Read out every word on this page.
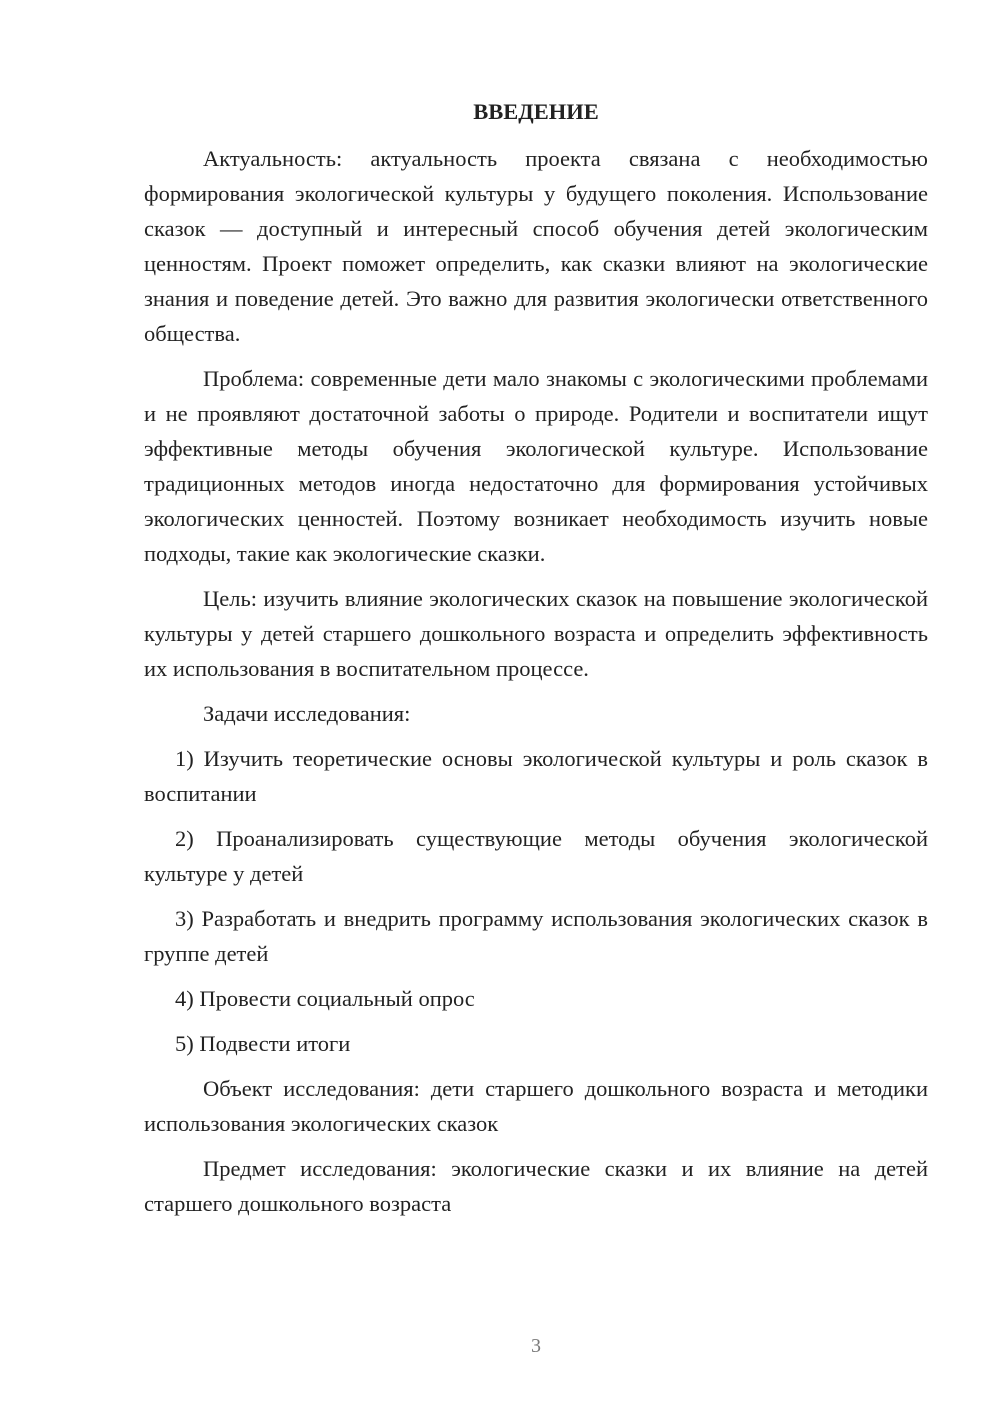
ВВЕДЕНИЕ

Актуальность: актуальность проекта связана с необходимостью формирования экологической культуры у будущего поколения. Использование сказок — доступный и интересный способ обучения детей экологическим ценностям. Проект поможет определить, как сказки влияют на экологические знания и поведение детей. Это важно для развития экологически ответственного общества.

Проблема: современные дети мало знакомы с экологическими проблемами и не проявляют достаточной заботы о природе. Родители и воспитатели ищут эффективные методы обучения экологической культуре. Использование традиционных методов иногда недостаточно для формирования устойчивых экологических ценностей. Поэтому возникает необходимость изучить новые подходы, такие как экологические сказки.

Цель: изучить влияние экологических сказок на повышение экологической культуры у детей старшего дошкольного возраста и определить эффективность их использования в воспитательном процессе.

Задачи исследования:

1) Изучить теоретические основы экологической культуры и роль сказок в воспитании

2) Проанализировать существующие методы обучения экологической культуре у детей

3) Разработать и внедрить программу использования экологических сказок в группе детей

4) Провести социальный опрос

5) Подвести итоги

Объект исследования: дети старшего дошкольного возраста и методики использования экологических сказок

Предмет исследования: экологические сказки и их влияние на детей старшего дошкольного возраста

3
